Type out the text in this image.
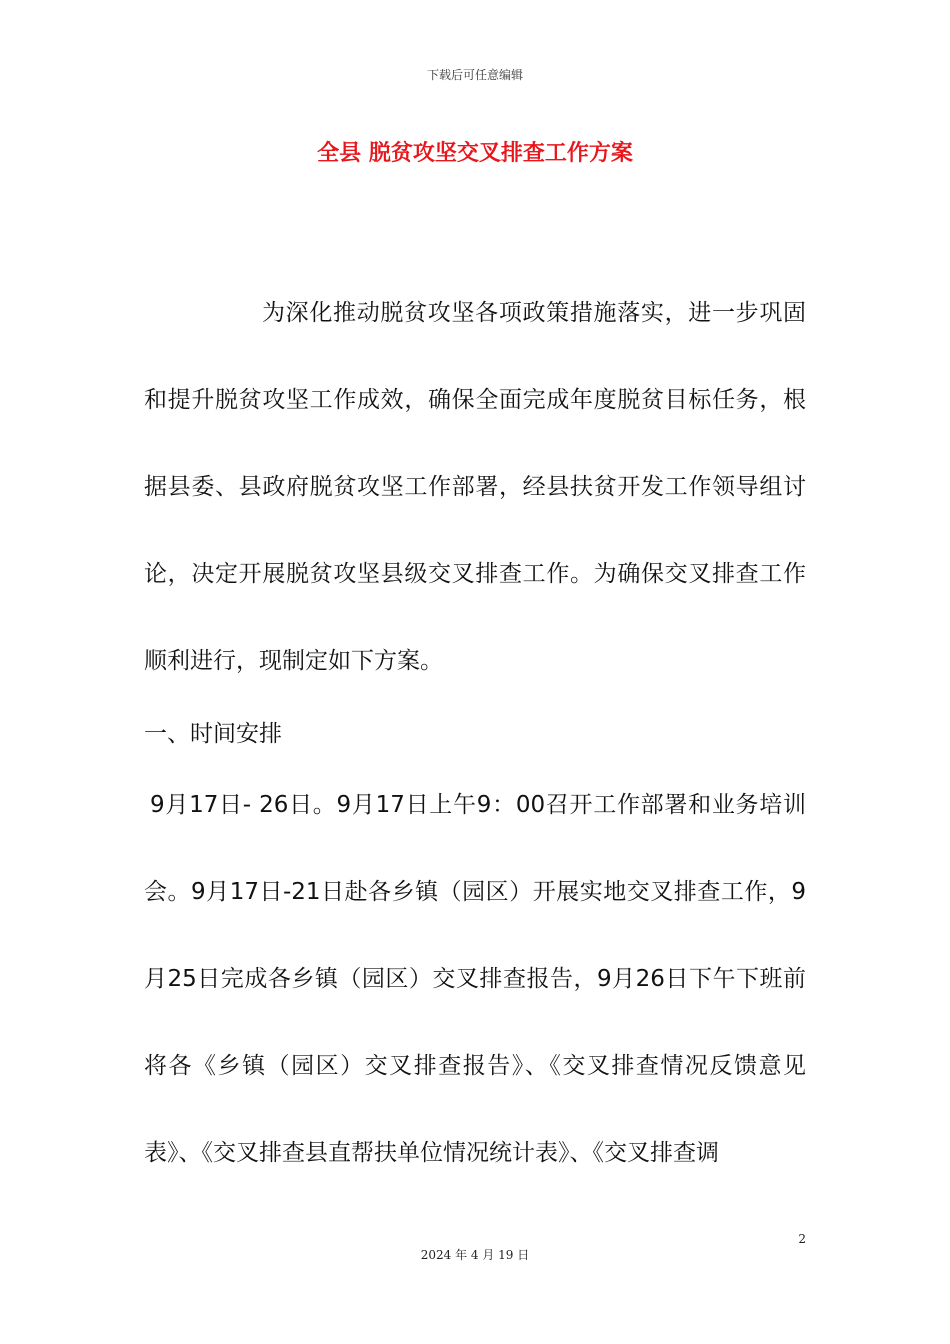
下载后可任意编辑
全县 脱贫攻坚交叉排查工作方案

为深化推动脱贫攻坚各项政策措施落实，进一步巩固和提升脱贫攻坚工作成效，确保全面完成年度脱贫目标任务，根据县委、县政府脱贫攻坚工作部署，经县扶贫开发工作领导组讨论，决定开展脱贫攻坚县级交叉排查工作。为确保交叉排查工作顺利进行，现制定如下方案。

一、时间安排

9月17日- 26日。9月17日上午9：00召开工作部署和业务培训会。9月17日-21日赴各乡镇（园区）开展实地交叉排查工作，9月25日完成各乡镇（园区）交叉排查报告，9月26日下午下班前将各《乡镇（园区）交叉排查报告》、《交叉排查情况反馈意见表》、《交叉排查县直帮扶单位情况统计表》、《交叉排查调

2
2024 年 4 月 19 日
